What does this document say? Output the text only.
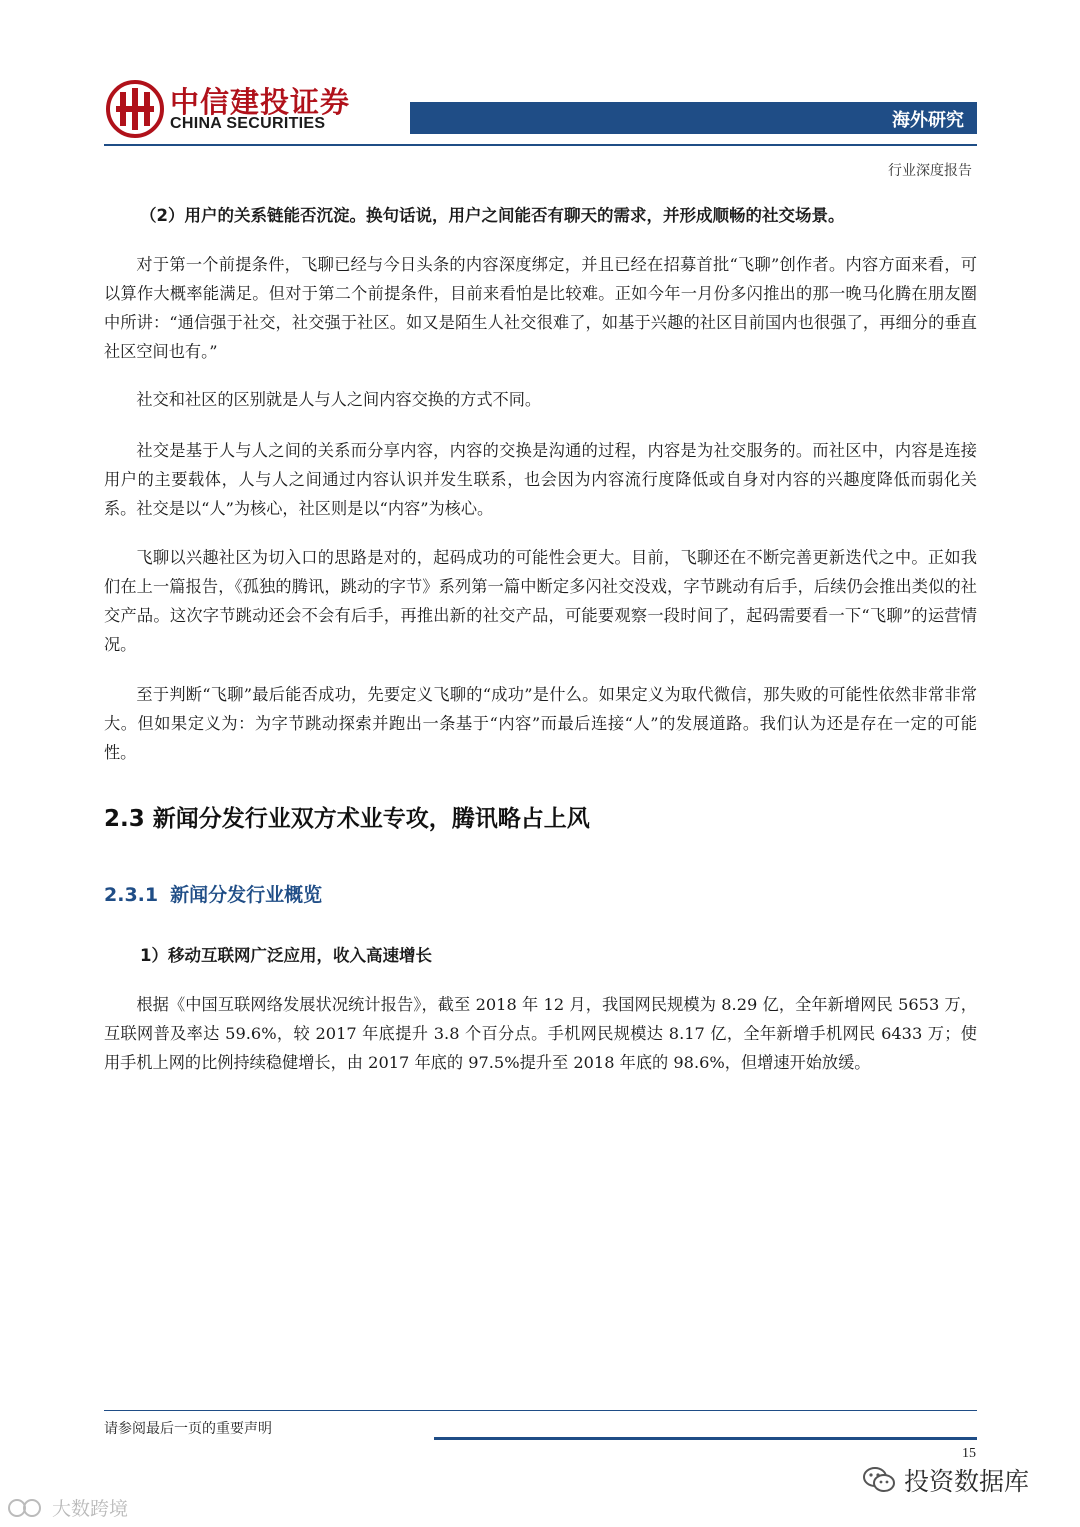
中信建投证券
CHINA SECURITIES	海外研究
行业深度报告
（2）用户的关系链能否沉淀。换句话说，用户之间能否有聊天的需求，并形成顺畅的社交场景。

对于第一个前提条件，飞聊已经与今日头条的内容深度绑定，并且已经在招募首批“飞聊”创作者。内容方面来看，可以算作大概率能满足。但对于第二个前提条件，目前来看怕是比较难。正如今年一月份多闪推出的那一晚马化腾在朋友圈中所讲：“通信强于社交，社交强于社区。如又是陌生人社交很难了，如基于兴趣的社区目前国内也很强了，再细分的垂直社区空间也有。”

社交和社区的区别就是人与人之间内容交换的方式不同。

社交是基于人与人之间的关系而分享内容，内容的交换是沟通的过程，内容是为社交服务的。而社区中，内容是连接用户的主要载体，人与人之间通过内容认识并发生联系，也会因为内容流行度降低或自身对内容的兴趣度降低而弱化关系。社交是以“人”为核心，社区则是以“内容”为核心。

飞聊以兴趣社区为切入口的思路是对的，起码成功的可能性会更大。目前，飞聊还在不断完善更新迭代之中。正如我们在上一篇报告，《孤独的腾讯，跳动的字节》系列第一篇中断定多闪社交没戏，字节跳动有后手，后续仍会推出类似的社交产品。这次字节跳动还会不会有后手，再推出新的社交产品，可能要观察一段时间了，起码需要看一下“飞聊”的运营情况。

至于判断“飞聊”最后能否成功，先要定义飞聊的“成功”是什么。如果定义为取代微信，那失败的可能性依然非常非常大。但如果定义为：为字节跳动探索并跑出一条基于“内容”而最后连接“人”的发展道路。我们认为还是存在一定的可能性。

2.3 新闻分发行业双方术业专攻，腾讯略占上风
2.3.1 新闻分发行业概览
1）移动互联网广泛应用，收入高速增长

根据《中国互联网络发展状况统计报告》，截至 2018 年 12 月，我国网民规模为 8.29 亿，全年新增网民 5653 万，互联网普及率达 59.6%，较 2017 年底提升 3.8 个百分点。手机网民规模达 8.17 亿，全年新增手机网民 6433 万；使用手机上网的比例持续稳健增长，由 2017 年底的 97.5%提升至 2018 年底的 98.6%，但增速开始放缓。

请参阅最后一页的重要声明
15
投资数据库
大数跨境
